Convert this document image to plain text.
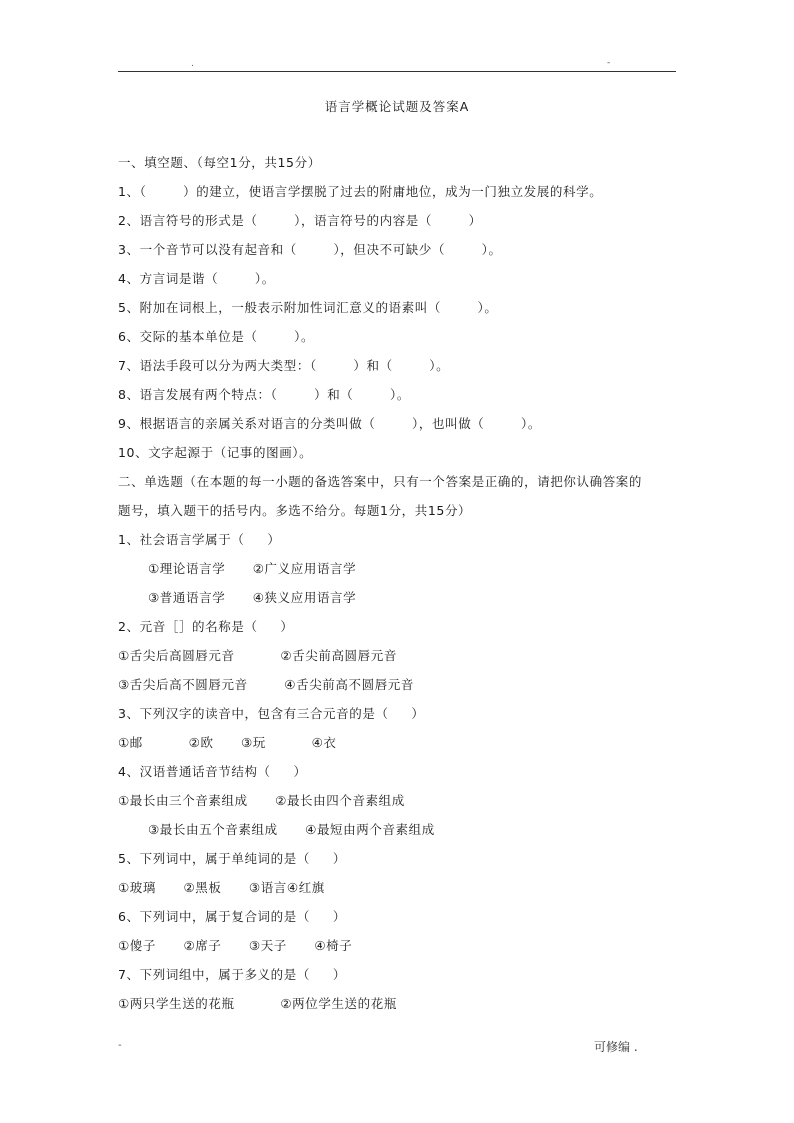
.	-
语言学概论试题及答案A
一、填空题、（每空1分，共15分）
1、（        ）的建立，使语言学摆脱了过去的附庸地位，成为一门独立发展的科学。
2、语言符号的形式是（        ），语言符号的内容是（        ）
3、一个音节可以没有起音和（        ），但决不可缺少（        ）。
4、方言词是谐（        ）。
5、附加在词根上，一般表示附加性词汇意义的语素叫（        ）。
6、交际的基本单位是（        ）。
7、语法手段可以分为两大类型：（        ）和（        ）。
8、语言发展有两个特点：（        ）和（        ）。
9、根据语言的亲属关系对语言的分类叫做（        ），也叫做（        ）。
10、文字起源于（记事的图画）。
二、单选题（在本题的每一小题的备选答案中，只有一个答案是正确的，请把你认确答案的
题号，填入题干的括号内。多选不给分。每题1分，共15分）
1、社会语言学属于（     ）
①理论语言学      ②广义应用语言学
③普通语言学      ④狭义应用语言学
2、元音［］的名称是（     ）
①舌尖后高圆唇元音          ②舌尖前高圆唇元音
③舌尖后高不圆唇元音        ④舌尖前高不圆唇元音
3、下列汉字的读音中，包含有三合元音的是（     ）
①邮          ②欧      ③玩          ④衣
4、汉语普通话音节结构（     ）
①最长由三个音素组成      ②最长由四个音素组成
③最长由五个音素组成      ④最短由两个音素组成
5、下列词中，属于单纯词的是（     ）
①玻璃      ②黑板      ③语言④红旗
6、下列词中，属于复合词的是（     ）
①傻子      ②席子      ③天子      ④椅子
7、下列词组中，属于多义的是（     ）
①两只学生送的花瓶          ②两位学生送的花瓶
-	可修编 .
